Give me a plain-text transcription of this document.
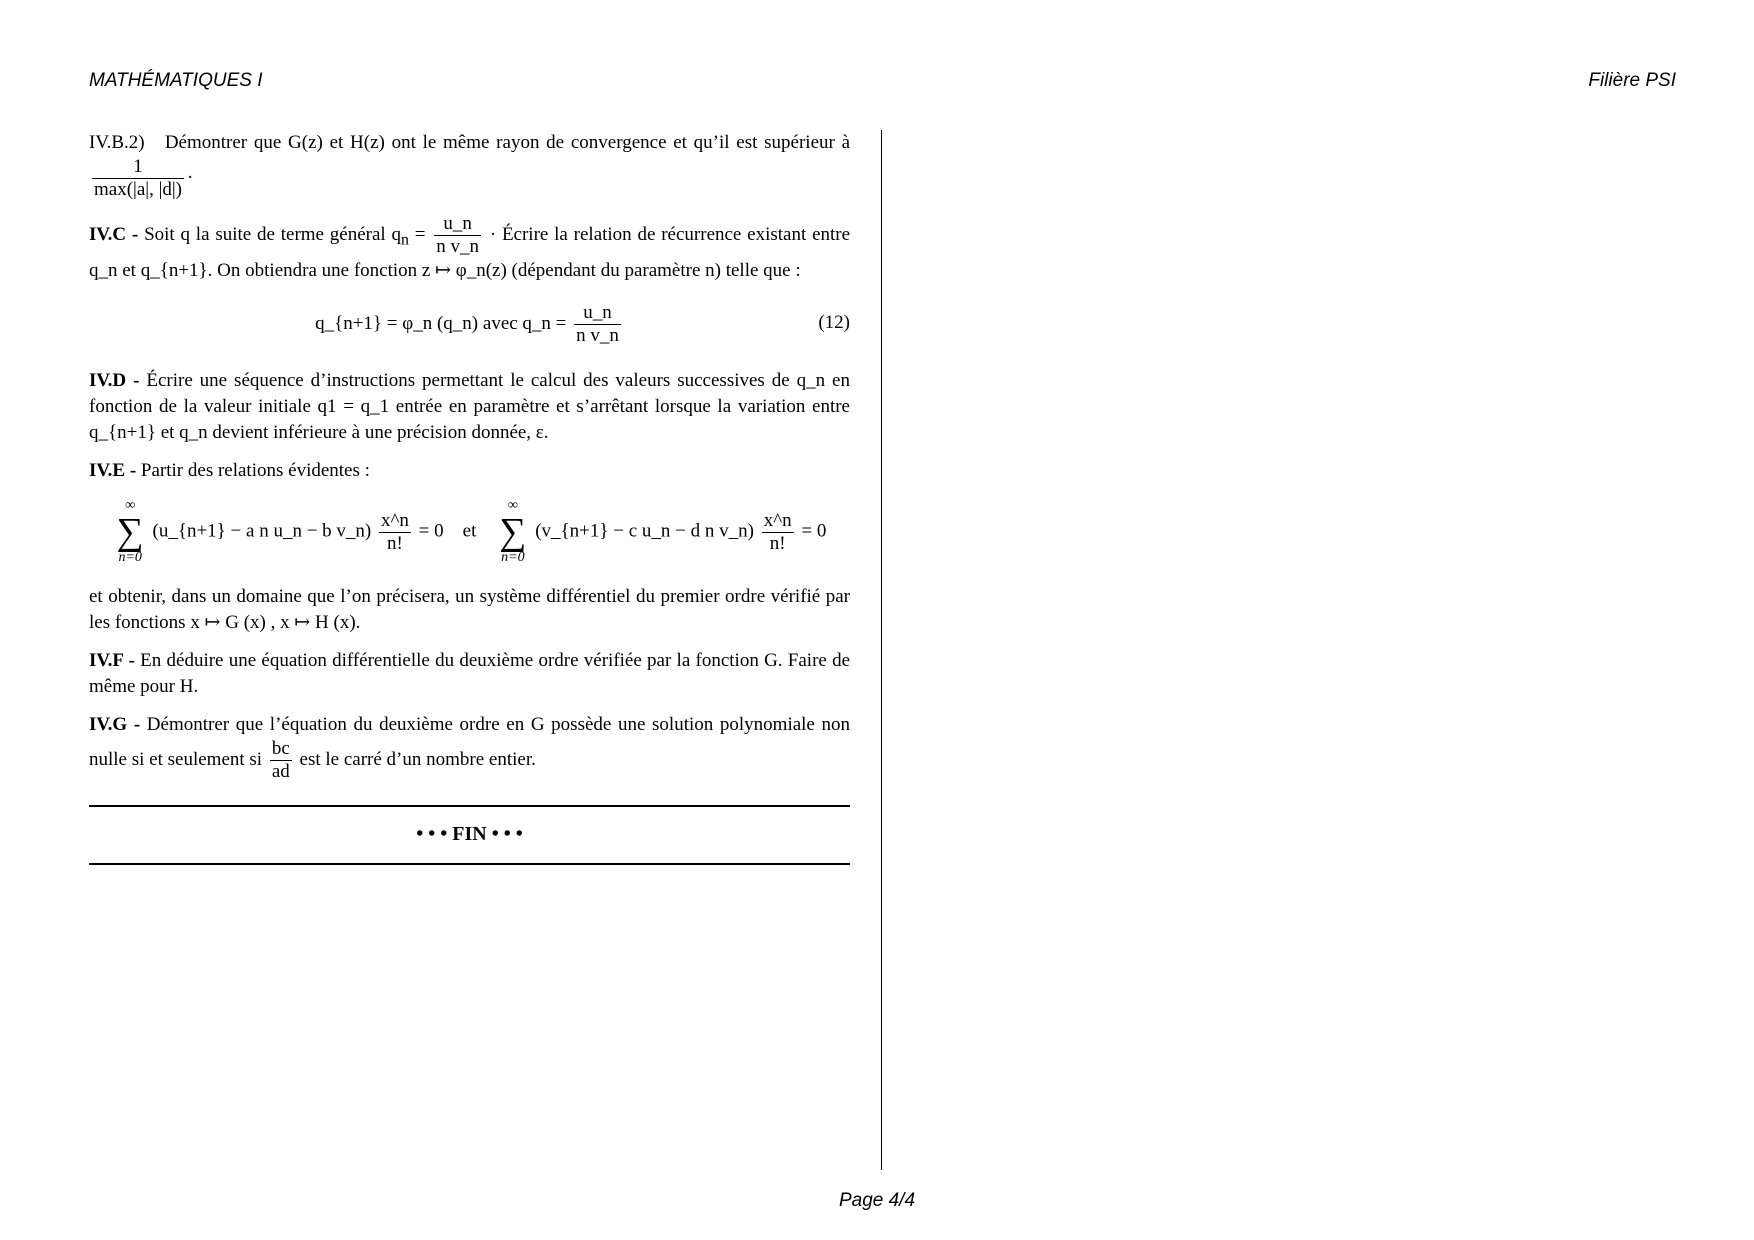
MATHÉMATIQUES I	Filière PSI

IV.B.2) Démontrer que G(z) et H(z) ont le même rayon de convergence et qu’il est supérieur à
$\frac{1}{\max(|a|, |d|)}$ ·

IV.C - Soit q la suite de terme général $q_n = \frac{u\_n}{\text{n v\_n}}$ · Écrire la relation de récurrence existant entre q_n et q_{n+1}. On obtiendra une fonction z ↦ φ_n(z) (dépendant du paramètre n) telle que :

q_{n+1} = φ_n (q_n) avec q_n = $\frac{u\_n}{\text{n v\_n}}$	(12)

IV.D - Écrire une séquence d’instructions permettant le calcul des valeurs successives de q_n en fonction de la valeur initiale q1 = q_1 entrée en paramètre et s’arrêtant lorsque la variation entre q_{n+1} et q_n devient inférieure à une précision donnée, ε.

IV.E - Partir des relations évidentes :

∞
∑
n=0
(u_{n+1} − a n u_n − b v_n) $\frac{x\^{}n}{n!} = 0$ et
∞
∑
n=0
(v_{n+1} − c u_n − d n v_n) $\frac{x\^{}n}{n!} = 0$

et obtenir, dans un domaine que l’on précisera, un système différentiel du premier ordre vérifié par les fonctions x ↦ G (x) , x ↦ H (x).

IV.F - En déduire une équation différentielle du deuxième ordre vérifiée par la fonction G. Faire de même pour H.

IV.G - Démontrer que l’équation du deuxième ordre en G possède une solution polynomiale non nulle si et seulement si $\frac{bc}{ad}$ est le carré d’un nombre entier.

• • • FIN • • •
Page 4/4
